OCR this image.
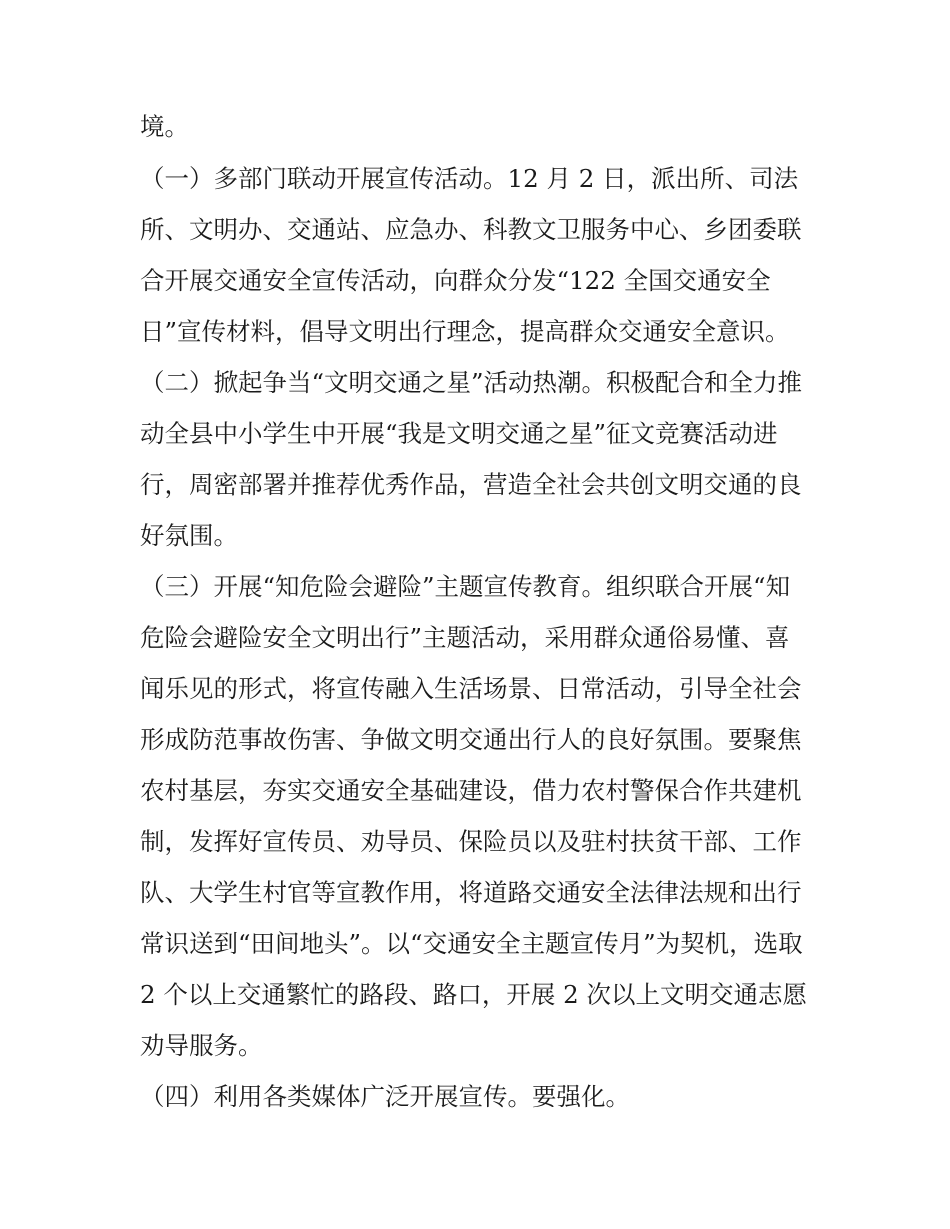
境。
（一）多部门联动开展宣传活动。12 月 2 日，派出所、司法
所、文明办、交通站、应急办、科教文卫服务中心、乡团委联
合开展交通安全宣传活动，向群众分发“122 全国交通安全
日”宣传材料，倡导文明出行理念，提高群众交通安全意识。
（二）掀起争当“文明交通之星”活动热潮。积极配合和全力推
动全县中小学生中开展“我是文明交通之星”征文竞赛活动进
行，周密部署并推荐优秀作品，营造全社会共创文明交通的良
好氛围。
（三）开展“知危险会避险”主题宣传教育。组织联合开展“知
危险会避险安全文明出行”主题活动，采用群众通俗易懂、喜
闻乐见的形式，将宣传融入生活场景、日常活动，引导全社会
形成防范事故伤害、争做文明交通出行人的良好氛围。要聚焦
农村基层，夯实交通安全基础建设，借力农村警保合作共建机
制，发挥好宣传员、劝导员、保险员以及驻村扶贫干部、工作
队、大学生村官等宣教作用，将道路交通安全法律法规和出行
常识送到“田间地头”。以“交通安全主题宣传月”为契机，选取
2 个以上交通繁忙的路段、路口，开展 2 次以上文明交通志愿
劝导服务。
（四）利用各类媒体广泛开展宣传。要强化。
